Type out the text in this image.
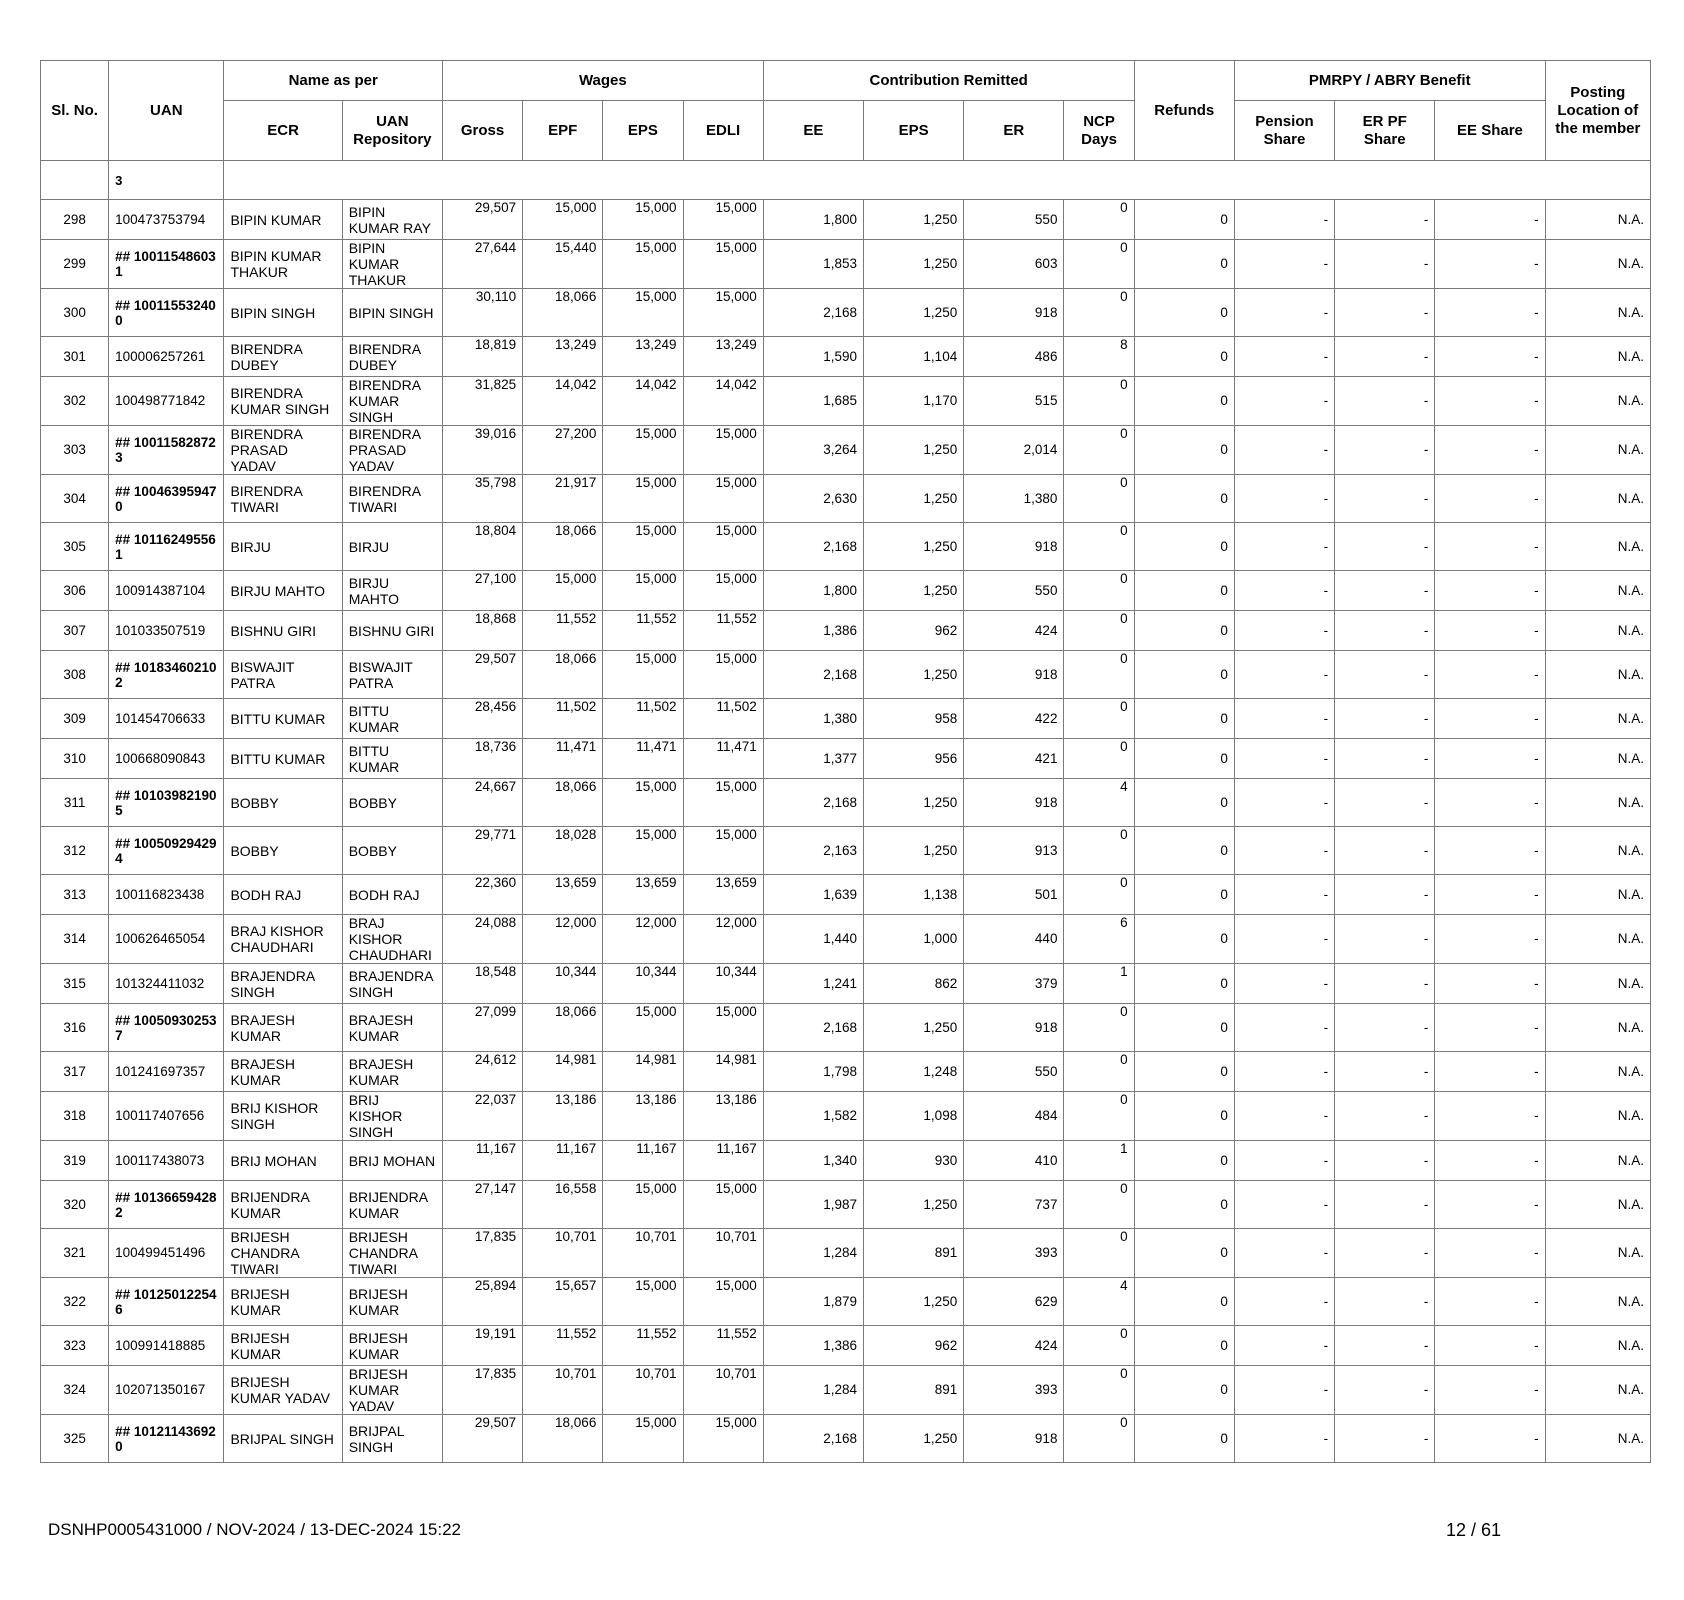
Sl. No.	UAN	Name as per		Wages				Contribution Remitted				Refunds	PMRPY / ABRY Benefit			Posting Location of the member
		ECR	UAN Repository	Gross	EPF	EPS	EDLI	EE	EPS	ER	NCP Days		Pension Share	ER PF Share	EE Share	
	3															
298	100473753794	BIPIN KUMAR	BIPIN KUMAR RAY	29,507	15,000	15,000	15,000	1,800	1,250	550	0	0	-	-	-	N.A.
299	## 10011548603 1	BIPIN KUMAR THAKUR	BIPIN KUMAR THAKUR	27,644	15,440	15,000	15,000	1,853	1,250	603	0	0	-	-	-	N.A.
300	## 10011553240 0	BIPIN SINGH	BIPIN SINGH	30,110	18,066	15,000	15,000	2,168	1,250	918	0	0	-	-	-	N.A.
301	100006257261	BIRENDRA DUBEY	BIRENDRA DUBEY	18,819	13,249	13,249	13,249	1,590	1,104	486	8	0	-	-	-	N.A.
302	100498771842	BIRENDRA KUMAR SINGH	BIRENDRA KUMAR SINGH	31,825	14,042	14,042	14,042	1,685	1,170	515	0	0	-	-	-	N.A.
303	## 10011582872 3	BIRENDRA PRASAD YADAV	BIRENDRA PRASAD YADAV	39,016	27,200	15,000	15,000	3,264	1,250	2,014	0	0	-	-	-	N.A.
304	## 10046395947 0	BIRENDRA TIWARI	BIRENDRA TIWARI	35,798	21,917	15,000	15,000	2,630	1,250	1,380	0	0	-	-	-	N.A.
305	## 10116249556 1	BIRJU	BIRJU	18,804	18,066	15,000	15,000	2,168	1,250	918	0	0	-	-	-	N.A.
306	100914387104	BIRJU MAHTO	BIRJU MAHTO	27,100	15,000	15,000	15,000	1,800	1,250	550	0	0	-	-	-	N.A.
307	101033507519	BISHNU GIRI	BISHNU GIRI	18,868	11,552	11,552	11,552	1,386	962	424	0	0	-	-	-	N.A.
308	## 10183460210 2	BISWAJIT PATRA	BISWAJIT PATRA	29,507	18,066	15,000	15,000	2,168	1,250	918	0	0	-	-	-	N.A.
309	101454706633	BITTU KUMAR	BITTU KUMAR	28,456	11,502	11,502	11,502	1,380	958	422	0	0	-	-	-	N.A.
310	100668090843	BITTU KUMAR	BITTU KUMAR	18,736	11,471	11,471	11,471	1,377	956	421	0	0	-	-	-	N.A.
311	## 10103982190 5	BOBBY	BOBBY	24,667	18,066	15,000	15,000	2,168	1,250	918	4	0	-	-	-	N.A.
312	## 10050929429 4	BOBBY	BOBBY	29,771	18,028	15,000	15,000	2,163	1,250	913	0	0	-	-	-	N.A.
313	100116823438	BODH RAJ	BODH RAJ	22,360	13,659	13,659	13,659	1,639	1,138	501	0	0	-	-	-	N.A.
314	100626465054	BRAJ KISHOR CHAUDHARI	BRAJ KISHOR CHAUDHARI	24,088	12,000	12,000	12,000	1,440	1,000	440	6	0	-	-	-	N.A.
315	101324411032	BRAJENDRA SINGH	BRAJENDRA SINGH	18,548	10,344	10,344	10,344	1,241	862	379	1	0	-	-	-	N.A.
316	## 10050930253 7	BRAJESH KUMAR	BRAJESH KUMAR	27,099	18,066	15,000	15,000	2,168	1,250	918	0	0	-	-	-	N.A.
317	101241697357	BRAJESH KUMAR	BRAJESH KUMAR	24,612	14,981	14,981	14,981	1,798	1,248	550	0	0	-	-	-	N.A.
318	100117407656	BRIJ KISHOR SINGH	BRIJ KISHOR SINGH	22,037	13,186	13,186	13,186	1,582	1,098	484	0	0	-	-	-	N.A.
319	100117438073	BRIJ MOHAN	BRIJ MOHAN	11,167	11,167	11,167	11,167	1,340	930	410	1	0	-	-	-	N.A.
320	## 10136659428 2	BRIJENDRA KUMAR	BRIJENDRA KUMAR	27,147	16,558	15,000	15,000	1,987	1,250	737	0	0	-	-	-	N.A.
321	100499451496	BRIJESH CHANDRA TIWARI	BRIJESH CHANDRA TIWARI	17,835	10,701	10,701	10,701	1,284	891	393	0	0	-	-	-	N.A.
322	## 10125012254 6	BRIJESH KUMAR	BRIJESH KUMAR	25,894	15,657	15,000	15,000	1,879	1,250	629	4	0	-	-	-	N.A.
323	100991418885	BRIJESH KUMAR	BRIJESH KUMAR	19,191	11,552	11,552	11,552	1,386	962	424	0	0	-	-	-	N.A.
324	102071350167	BRIJESH KUMAR YADAV	BRIJESH KUMAR YADAV	17,835	10,701	10,701	10,701	1,284	891	393	0	0	-	-	-	N.A.
325	## 10121143692 0	BRIJPAL SINGH	BRIJPAL SINGH	29,507	18,066	15,000	15,000	2,168	1,250	918	0	0	-	-	-	N.A.
DSNHP0005431000 / NOV-2024 / 13-DEC-2024 15:22	12 / 61
